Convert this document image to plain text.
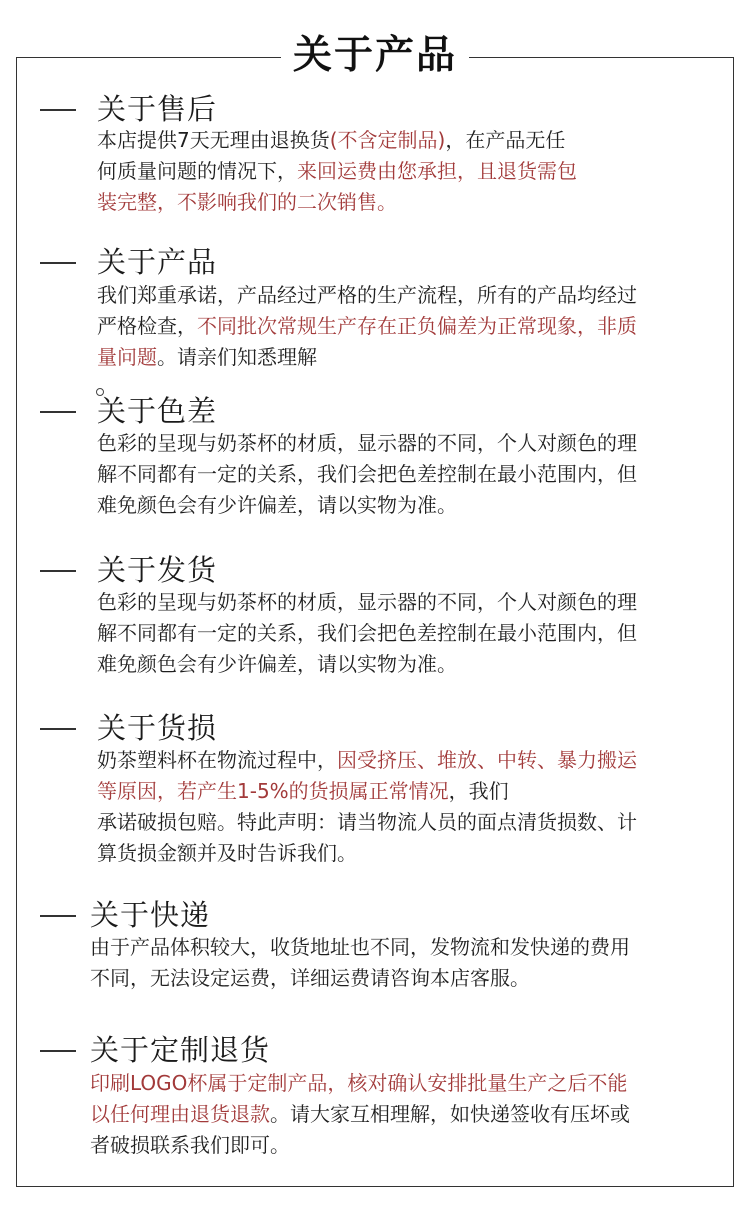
关于产品
关于售后
本店提供7天无理由退换货(不含定制品)，在产品无任
何质量问题的情况下，来回运费由您承担，且退货需包
装完整，不影响我们的二次销售。
关于产品
我们郑重承诺，产品经过严格的生产流程，所有的产品均经过
严格检查，不同批次常规生产存在正负偏差为正常现象，非质
量问题。请亲们知悉理解
关于色差
色彩的呈现与奶茶杯的材质，显示器的不同，个人对颜色的理
解不同都有一定的关系，我们会把色差控制在最小范围内，但
难免颜色会有少许偏差，请以实物为准。
关于发货
色彩的呈现与奶茶杯的材质，显示器的不同，个人对颜色的理
解不同都有一定的关系，我们会把色差控制在最小范围内，但
难免颜色会有少许偏差，请以实物为准。
关于货损
奶茶塑料杯在物流过程中，因受挤压、堆放、中转、暴力搬运
等原因，若产生1-5%的货损属正常情况，我们
承诺破损包赔。特此声明：请当物流人员的面点清货损数、计
算货损金额并及时告诉我们。
关于快递
由于产品体积较大，收货地址也不同，发物流和发快递的费用
不同，无法设定运费，详细运费请咨询本店客服。
关于定制退货
印刷LOGO杯属于定制产品，核对确认安排批量生产之后不能
以任何理由退货退款。请大家互相理解，如快递签收有压坏或
者破损联系我们即可。
